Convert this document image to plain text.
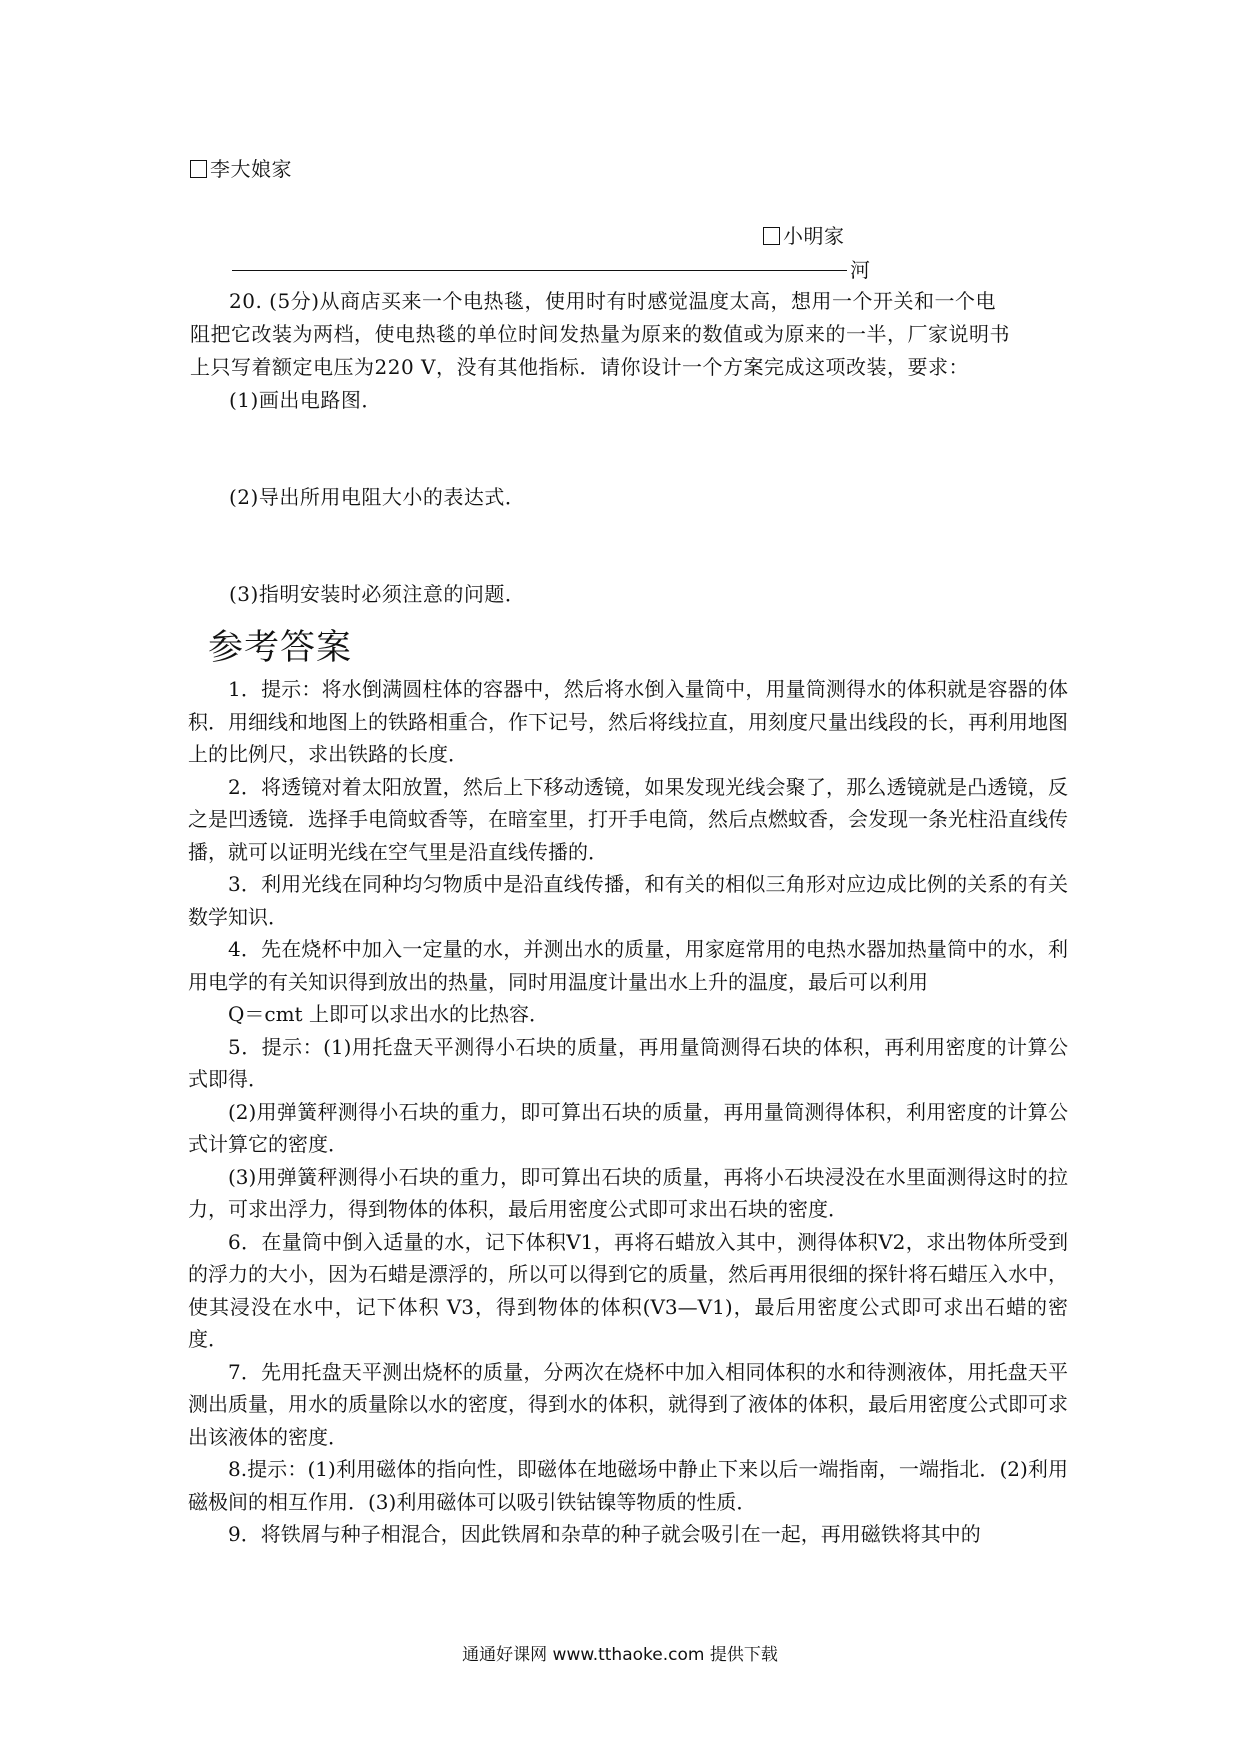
李大娘家
小明家
河
20. (5分)从商店买来一个电热毯，使用时有时感觉温度太高，想用一个开关和一个电
阻把它改装为两档，使电热毯的单位时间发热量为原来的数值或为原来的一半，厂家说明书
上只写着额定电压为220 V，没有其他指标．请你设计一个方案完成这项改装，要求：
(1)画出电路图．
(2)导出所用电阻大小的表达式．
(3)指明安装时必须注意的问题．
参考答案

1．提示：将水倒满圆柱体的容器中，然后将水倒入量筒中，用量筒测得水的体积就是容器的体积．用细线和地图上的铁路相重合，作下记号，然后将线拉直，用刻度尺量出线段的长，再利用地图上的比例尺，求出铁路的长度．

2．将透镜对着太阳放置，然后上下移动透镜，如果发现光线会聚了，那么透镜就是凸透镜，反之是凹透镜．选择手电筒蚊香等，在暗室里，打开手电筒，然后点燃蚊香，会发现一条光柱沿直线传播，就可以证明光线在空气里是沿直线传播的．

3．利用光线在同种均匀物质中是沿直线传播，和有关的相似三角形对应边成比例的关系的有关数学知识．

4．先在烧杯中加入一定量的水，并测出水的质量，用家庭常用的电热水器加热量筒中的水，利用电学的有关知识得到放出的热量，同时用温度计量出水上升的温度，最后可以利用

Q＝cmt 上即可以求出水的比热容．

5．提示：(1)用托盘天平测得小石块的质量，再用量筒测得石块的体积，再利用密度的计算公式即得．

(2)用弹簧秤测得小石块的重力，即可算出石块的质量，再用量筒测得体积，利用密度的计算公式计算它的密度．

(3)用弹簧秤测得小石块的重力，即可算出石块的质量，再将小石块浸没在水里面测得这时的拉力，可求出浮力，得到物体的体积，最后用密度公式即可求出石块的密度．

6．在量筒中倒入适量的水，记下体积V1，再将石蜡放入其中，测得体积V2，求出物体所受到的浮力的大小，因为石蜡是漂浮的，所以可以得到它的质量，然后再用很细的探针将石蜡压入水中，使其浸没在水中，记下体积 V3，得到物体的体积(V3—V1)，最后用密度公式即可求出石蜡的密度．

7．先用托盘天平测出烧杯的质量，分两次在烧杯中加入相同体积的水和待测液体，用托盘天平测出质量，用水的质量除以水的密度，得到水的体积，就得到了液体的体积，最后用密度公式即可求出该液体的密度．

8.提示：(1)利用磁体的指向性，即磁体在地磁场中静止下来以后一端指南，一端指北．(2)利用磁极间的相互作用．(3)利用磁体可以吸引铁钴镍等物质的性质．

9．将铁屑与种子相混合，因此铁屑和杂草的种子就会吸引在一起，再用磁铁将其中的

通通好课网 www.tthaoke.com 提供下载
